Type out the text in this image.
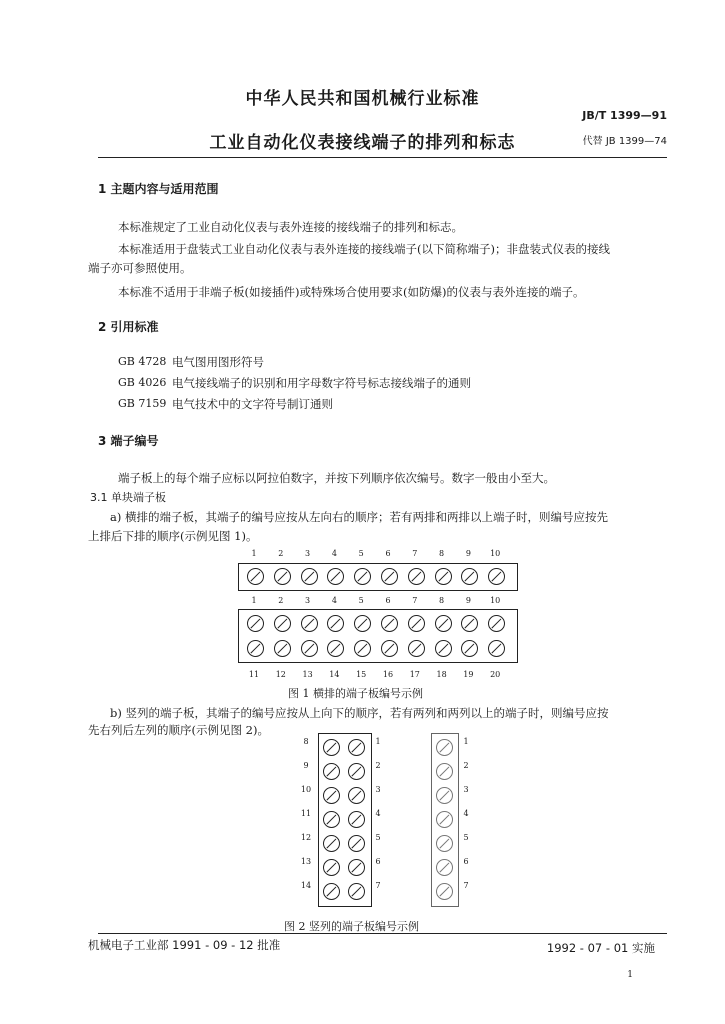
中华人民共和国机械行业标准
JB/T 1399—91
工业自动化仪表接线端子的排列和标志	代替 JB 1399—74
1 主题内容与适用范围
本标准规定了工业自动化仪表与表外连接的接线端子的排列和标志。
本标准适用于盘装式工业自动化仪表与表外连接的接线端子(以下简称端子)；非盘装式仪表的接线
端子亦可参照使用。
本标准不适用于非端子板(如接插件)或特殊场合使用要求(如防爆)的仪表与表外连接的端子。
2 引用标准
GB 4728 电气图用图形符号
GB 4026 电气接线端子的识别和用字母数字符号标志接线端子的通则
GB 7159 电气技术中的文字符号制订通则
3 端子编号
端子板上的每个端子应标以阿拉伯数字，并按下列顺序依次编号。数字一般由小至大。
3.1 单块端子板
a) 横排的端子板，其端子的编号应按从左向右的顺序；若有两排和两排以上端子时，则编号应按先
上排后下排的顺序(示例见图 1)。
1	2	3	4	5	6	7	8	9	10
1	2	3	4	5	6	7	8	9	10
11	12	13	14	15	16	17	18	19	20
图 1 横排的端子板编号示例
b) 竖列的端子板，其端子的编号应按从上向下的顺序，若有两列和两列以上的端子时，则编号应按
先右列后左列的顺序(示例见图 2)。
8
9
10
11
12
13
14
1
2
3
4
5
6
7
1
2
3
4
5
6
7
图 2 竖列的端子板编号示例
机械电子工业部 1991 - 09 - 12 批准	1992 - 07 - 01 实施
1
